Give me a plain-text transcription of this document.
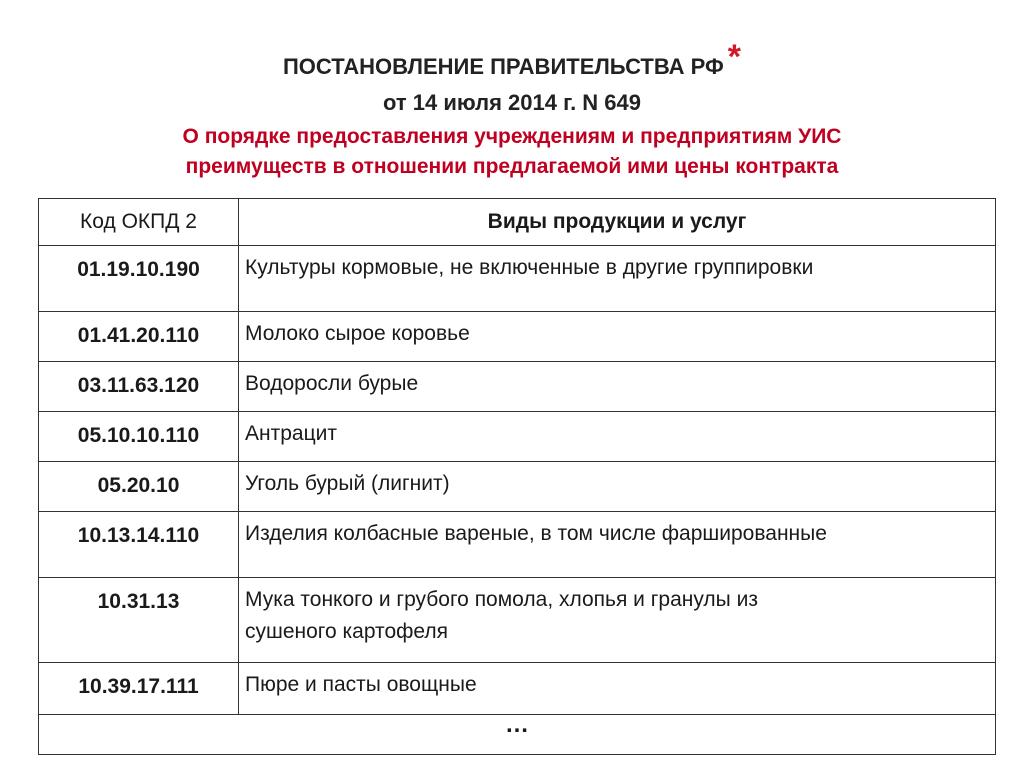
ПОСТАНОВЛЕНИЕ ПРАВИТЕЛЬСТВА РФ *
от 14 июля 2014 г. N 649
О порядке предоставления учреждениям и предприятиям УИС
преимуществ в отношении предлагаемой ими цены контракта
Код ОКПД 2	Виды продукции и услуг
01.19.10.190	Культуры кормовые, не включенные в другие группировки

01.41.20.110	Молоко сырое коровье

03.11.63.120	Водоросли бурые

05.10.10.110	Антрацит

05.20.10	Уголь бурый (лигнит)

10.13.14.110	Изделия колбасные вареные, в том числе фаршированные

10.31.13	Мука тонкого и грубого помола, хлопья и гранулы из
сушеного картофеля

10.39.17.111	Пюре и пасты овощные

…	
